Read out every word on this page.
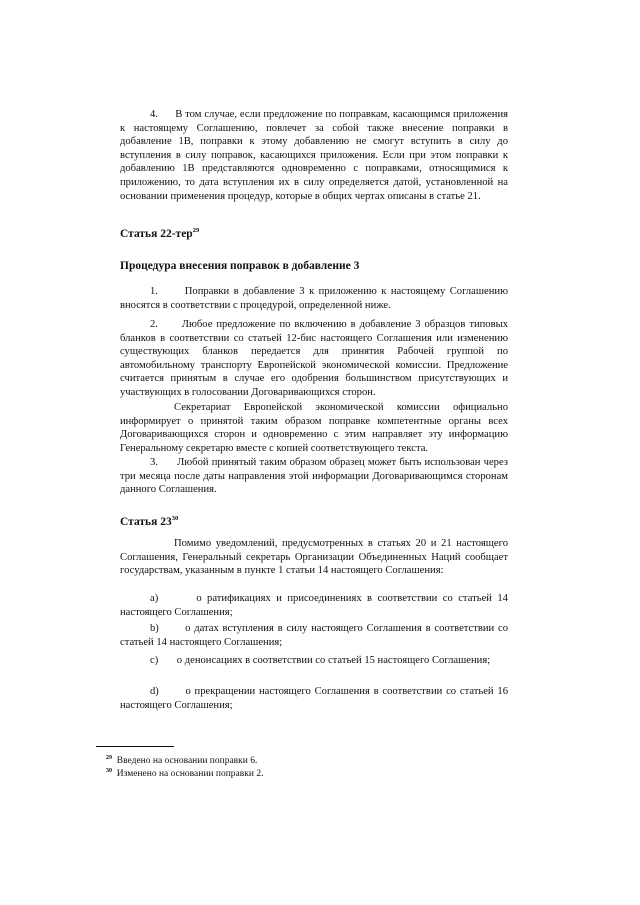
4. В том случае, если предложение по поправкам, касающимся приложения к настоящему Соглашению, повлечет за собой также внесение поправки в добавление 1В, поправки к этому добавлению не смогут вступить в силу до вступления в силу поправок, касающихся приложения. Если при этом поправки к добавлению 1В представляются одновременно с поправками, относящимися к приложению, то дата вступления их в силу определяется датой, установленной на основании применения процедур, которые в общих чертах описаны в статье 21.

Статья 22-тер$^{29}$
Процедура внесения поправок в добавление 3

1.	Поправки в добавление 3 к приложению к настоящему Соглашению вносятся в соответствии с процедурой, определенной ниже.

2. Любое предложение по включению в добавление 3 образцов типовых бланков в соответствии со статьей 12-бис настоящего Соглашения или изменению существующих бланков передается для принятия Рабочей группой по автомобильному транспорту Европейской экономической комиссии. Предложение считается принятым в случае его одобрения большинством присутствующих и участвующих в голосовании Договаривающихся сторон.

Секретариат Европейской экономической комиссии официально информирует о принятой таким образом поправке компетентные органы всех Договаривающихся сторон и одновременно с этим направляет эту информацию Генеральному секретарю вместе с копией соответствующего текста.

3. Любой принятый таким образом образец может быть использован через три месяца после даты направления этой информации Договаривающимся сторонам данного Соглашения.

Статья $23^{30}$

Помимо уведомлений, предусмотренных в статьях 20 и 21 настоящего Соглашения, Генеральный секретарь Организации Объединенных Наций сообщает государствам, указанным в пункте 1 статьи 14 настоящего Соглашения:

a)	о ратификациях и присоединениях в соответствии со статьей 14 настоящего Соглашения;

b) о датах вступления в силу настоящего Соглашения в соответствии со статьей 14 настоящего Соглашения;

c) о денонсациях в соответствии со статьей 15 настоящего Соглашения;

d)	о прекращении настоящего Соглашения в соответствии со статьей 16 настоящего Соглашения;

$^{29}$ Введено на основании поправки 6.
$^{30}$ Изменено на основании поправки 2.
